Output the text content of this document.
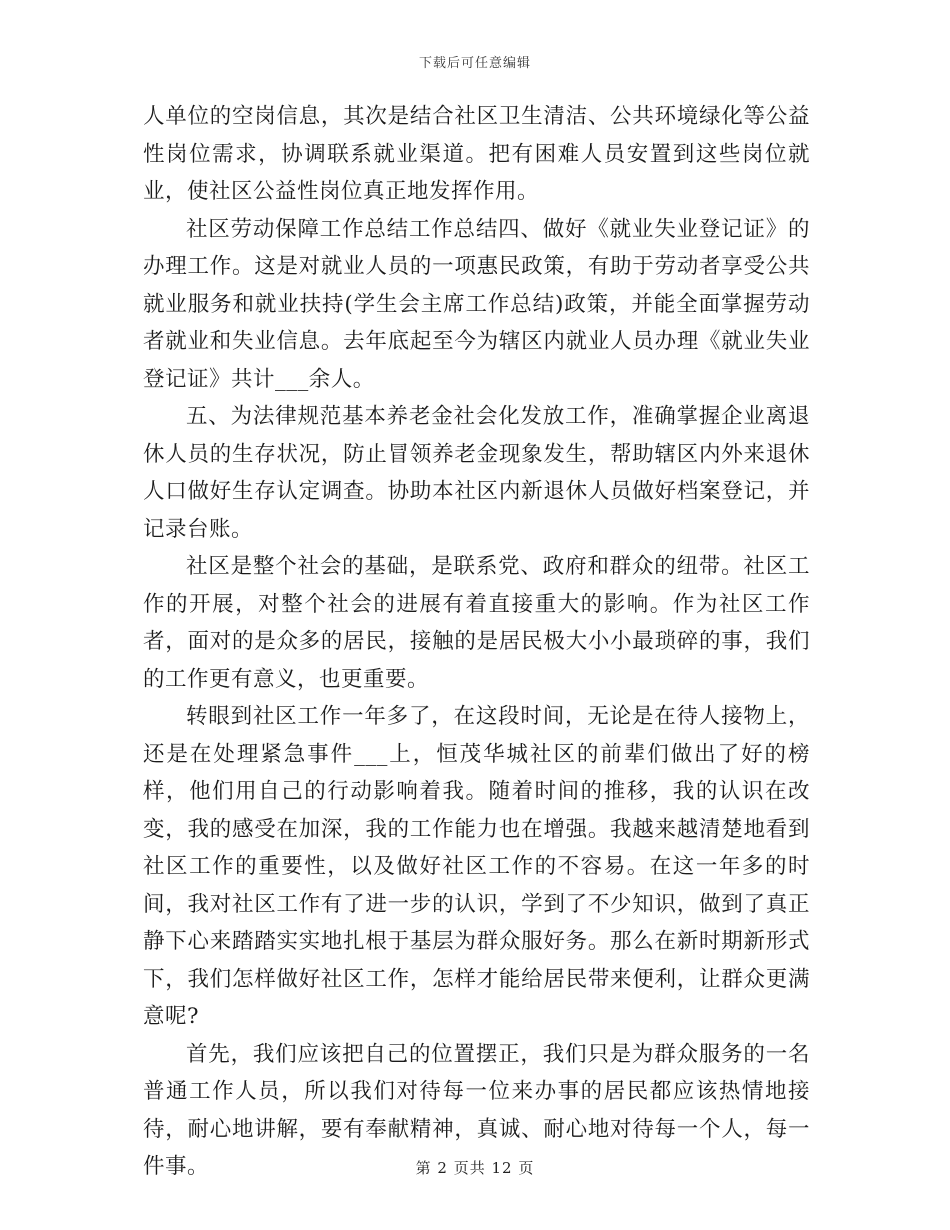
下载后可任意编辑

人单位的空岗信息，其次是结合社区卫生清洁、公共环境绿化等公益性岗位需求，协调联系就业渠道。把有困难人员安置到这些岗位就业，使社区公益性岗位真正地发挥作用。

社区劳动保障工作总结工作总结四、做好《就业失业登记证》的办理工作。这是对就业人员的一项惠民政策，有助于劳动者享受公共就业服务和就业扶持(学生会主席工作总结)政策，并能全面掌握劳动者就业和失业信息。去年底起至今为辖区内就业人员办理《就业失业登记证》共计___余人。

五、为法律规范基本养老金社会化发放工作，准确掌握企业离退休人员的生存状况，防止冒领养老金现象发生，帮助辖区内外来退休人口做好生存认定调查。协助本社区内新退休人员做好档案登记，并记录台账。

社区是整个社会的基础，是联系党、政府和群众的纽带。社区工作的开展，对整个社会的进展有着直接重大的影响。作为社区工作者，面对的是众多的居民，接触的是居民极大小小最琐碎的事，我们的工作更有意义，也更重要。

转眼到社区工作一年多了，在这段时间，无论是在待人接物上，还是在处理紧急事件___上，恒茂华城社区的前辈们做出了好的榜样，他们用自己的行动影响着我。随着时间的推移，我的认识在改变，我的感受在加深，我的工作能力也在增强。我越来越清楚地看到社区工作的重要性，以及做好社区工作的不容易。在这一年多的时间，我对社区工作有了进一步的认识，学到了不少知识，做到了真正静下心来踏踏实实地扎根于基层为群众服好务。那么在新时期新形式下，我们怎样做好社区工作，怎样才能给居民带来便利，让群众更满意呢?

首先，我们应该把自己的位置摆正，我们只是为群众服务的一名普通工作人员，所以我们对待每一位来办事的居民都应该热情地接待，耐心地讲解，要有奉献精神，真诚、耐心地对待每一个人，每一件事。	第 2 页共 12 页
